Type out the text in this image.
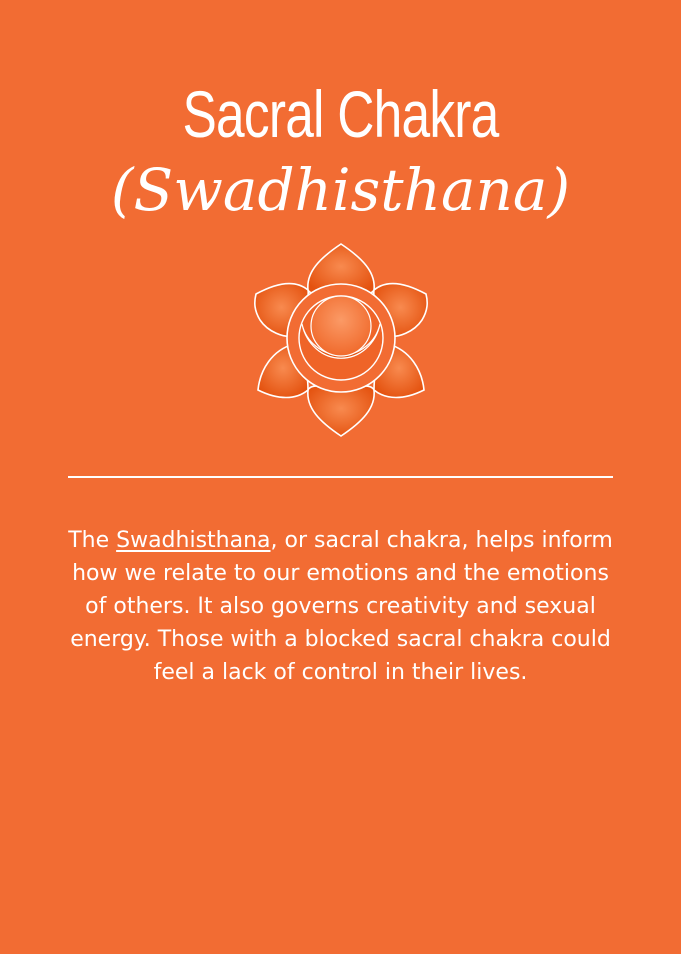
Sacral Chakra
(Swadhisthana)

The Swadhisthana, or sacral chakra, helps inform how we relate to our emotions and the emotions of others. It also governs creativity and sexual energy. Those with a blocked sacral chakra could feel a lack of control in their lives.
